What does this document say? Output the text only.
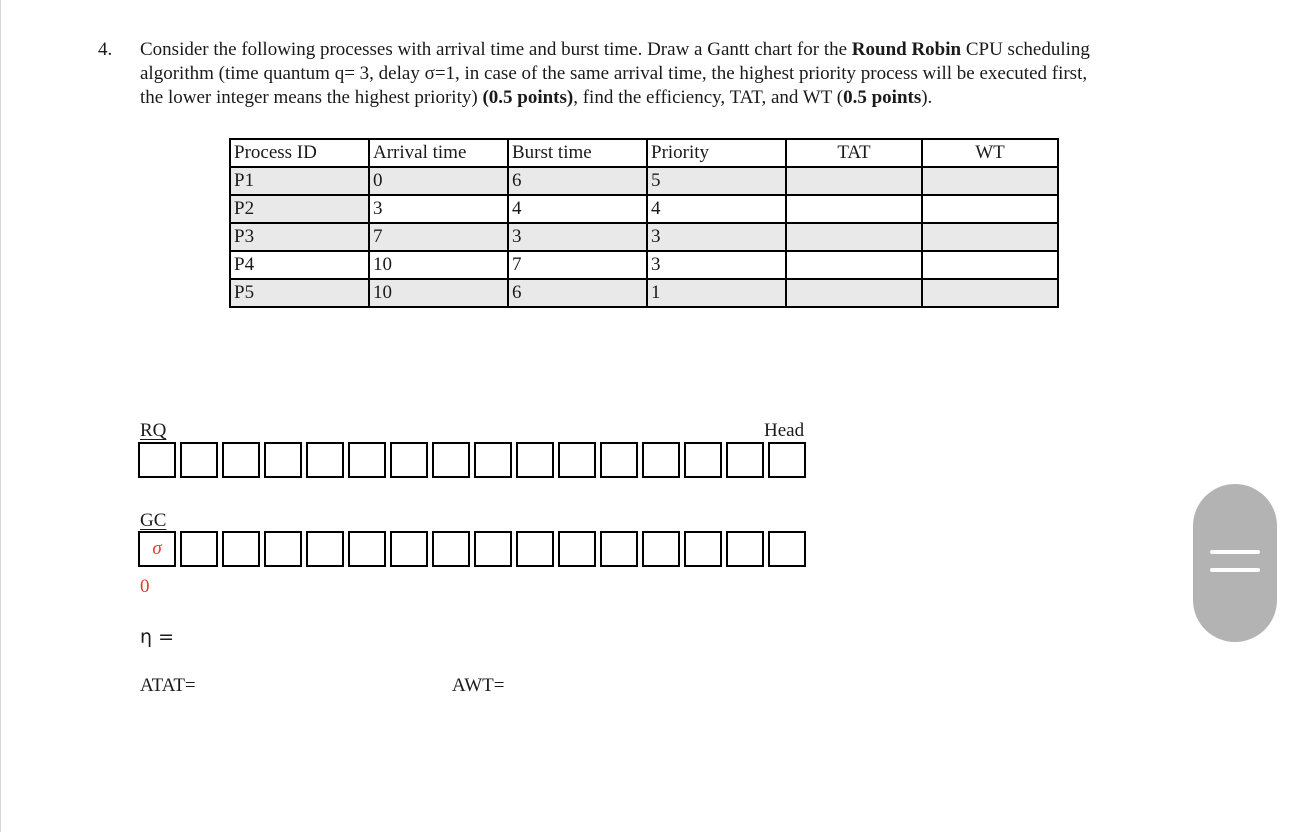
4. Consider the following processes with arrival time and burst time. Draw a Gantt chart for the Round Robin CPU scheduling
algorithm (time quantum q= 3, delay σ=1, in case of the same arrival time, the highest priority process will be executed first,
the lower integer means the highest priority) (0.5 points), find the efficiency, TAT, and WT (0.5 points).
Process ID	Arrival time	Burst time	Priority	TAT	WT
P1	0	6	5		
P2	3	4	4		
P3	7	3	3		
P4	10	7	3		
P5	10	6	1		
RQ	Head
GC
σ
0
η =
ATAT=	AWT=
